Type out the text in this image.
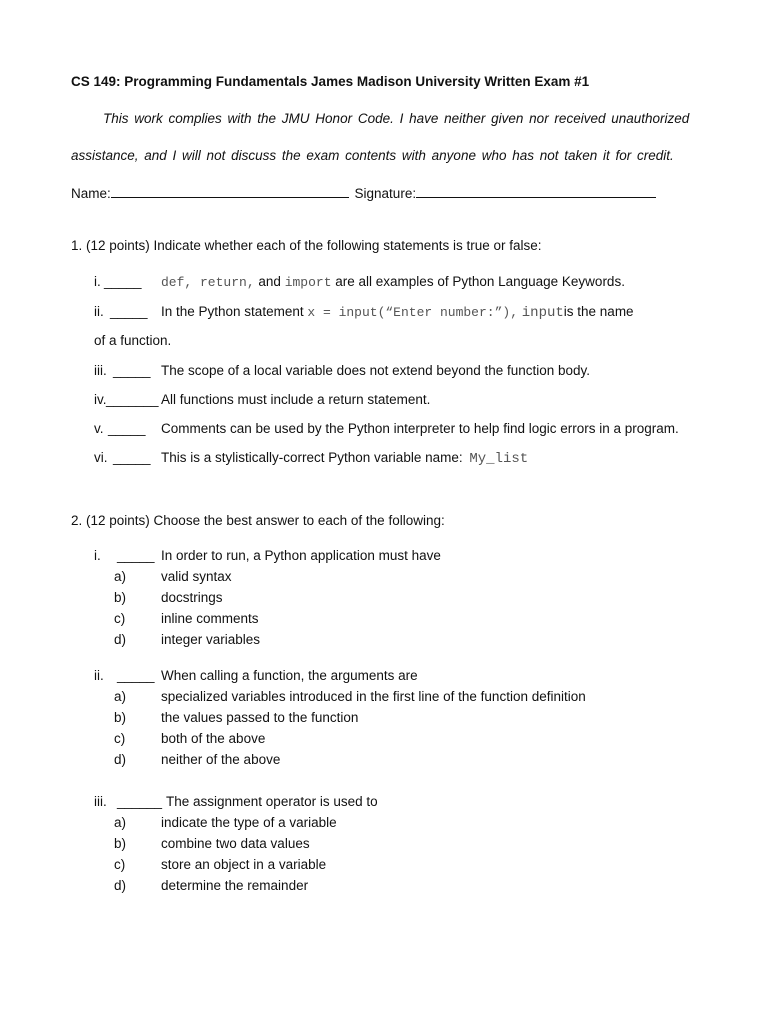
CS 149: Programming Fundamentals James Madison University Written Exam #1
This work complies with the JMU Honor Code. I have neither given nor received unauthorized
assistance, and I will not discuss the exam contents with anyone who has not taken it for credit.
Name:	Signature:
1. (12 points) Indicate whether each of the following statements is true or false:
i. _____ def, return, and import are all examples of Python Language Keywords.
ii. _____ In the Python statement x = input(“Enter number:”), inputis the name
of a function.
iii. _____ The scope of a local variable does not extend beyond the function body.
iv. _______ All functions must include a return statement.
v. _____ Comments can be used by the Python interpreter to help find logic errors in a program.
vi. _____ This is a stylistically-correct Python variable name: My_list
2. (12 points) Choose the best answer to each of the following:
i. _____ In order to run, a Python application must have
a)	valid syntax
b)	docstrings
c)	inline comments
d)	integer variables
ii. _____ When calling a function, the arguments are
a)	specialized variables introduced in the first line of the function definition
b)	the values passed to the function
c)	both of the above
d)	neither of the above
iii. ______ The assignment operator is used to
a)	indicate the type of a variable
b)	combine two data values
c)	store an object in a variable
d)	determine the remainder
